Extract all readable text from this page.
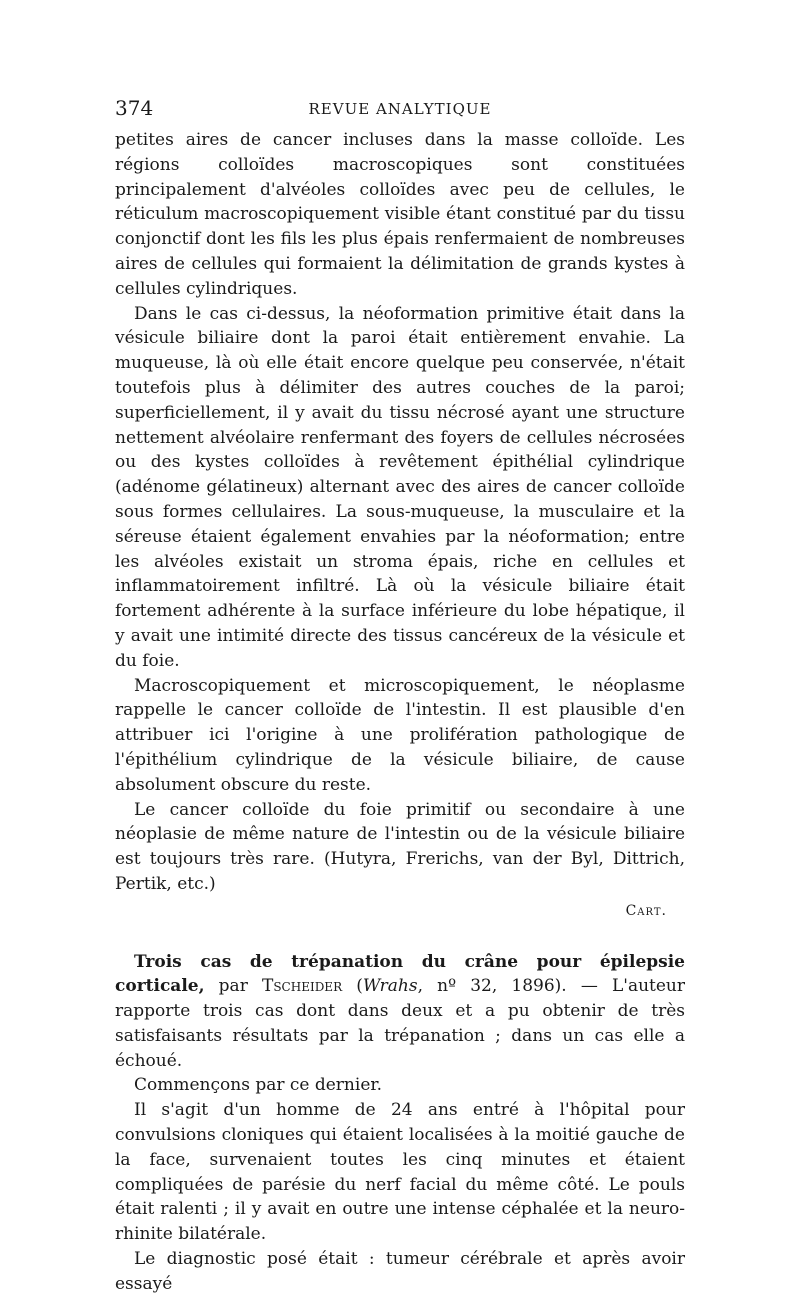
374	REVUE ANALYTIQUE

petites aires de cancer incluses dans la masse colloïde. Les régions colloïdes macroscopiques sont constituées principalement d'alvéoles colloïdes avec peu de cellules, le réticulum macroscopiquement visible étant constitué par du tissu conjonctif dont les fils les plus épais renfermaient de nombreuses aires de cellules qui formaient la délimitation de grands kystes à cellules cylindriques.

Dans le cas ci-dessus, la néoformation primitive était dans la vésicule biliaire dont la paroi était entièrement envahie. La muqueuse, là où elle était encore quelque peu conservée, n'était toutefois plus à délimiter des autres couches de la paroi; superficiellement, il y avait du tissu nécrosé ayant une structure nettement alvéolaire renfermant des foyers de cellules nécrosées ou des kystes colloïdes à revêtement épithélial cylindrique (adénome gélatineux) alternant avec des aires de cancer colloïde sous formes cellulaires. La sous-muqueuse, la musculaire et la séreuse étaient également envahies par la néoformation; entre les alvéoles existait un stroma épais, riche en cellules et inflammatoirement infiltré. Là où la vésicule biliaire était fortement adhérente à la surface inférieure du lobe hépatique, il y avait une intimité directe des tissus cancéreux de la vésicule et du foie.

Macroscopiquement et microscopiquement, le néoplasme rappelle le cancer colloïde de l'intestin. Il est plausible d'en attribuer ici l'origine à une prolifération pathologique de l'épithélium cylindrique de la vésicule biliaire, de cause absolument obscure du reste.

Le cancer colloïde du foie primitif ou secondaire à une néoplasie de même nature de l'intestin ou de la vésicule biliaire est toujours très rare. (Hutyra, Frerichs, van der Byl, Dittrich, Pertik, etc.)

Cart.

Trois cas de trépanation du crâne pour épilepsie corticale, par Tscheider (Wrahs, nº 32, 1896). — L'auteur rapporte trois cas dont dans deux et a pu obtenir de très satisfaisants résultats par la trépanation ; dans un cas elle a échoué.

Commençons par ce dernier.

Il s'agit d'un homme de 24 ans entré à l'hôpital pour convulsions cloniques qui étaient localisées à la moitié gauche de la face, survenaient toutes les cinq minutes et étaient compliquées de parésie du nerf facial du même côté. Le pouls était ralenti ; il y avait en outre une intense céphalée et la neuro-rhinite bilatérale.

Le diagnostic posé était : tumeur cérébrale et après avoir essayé
